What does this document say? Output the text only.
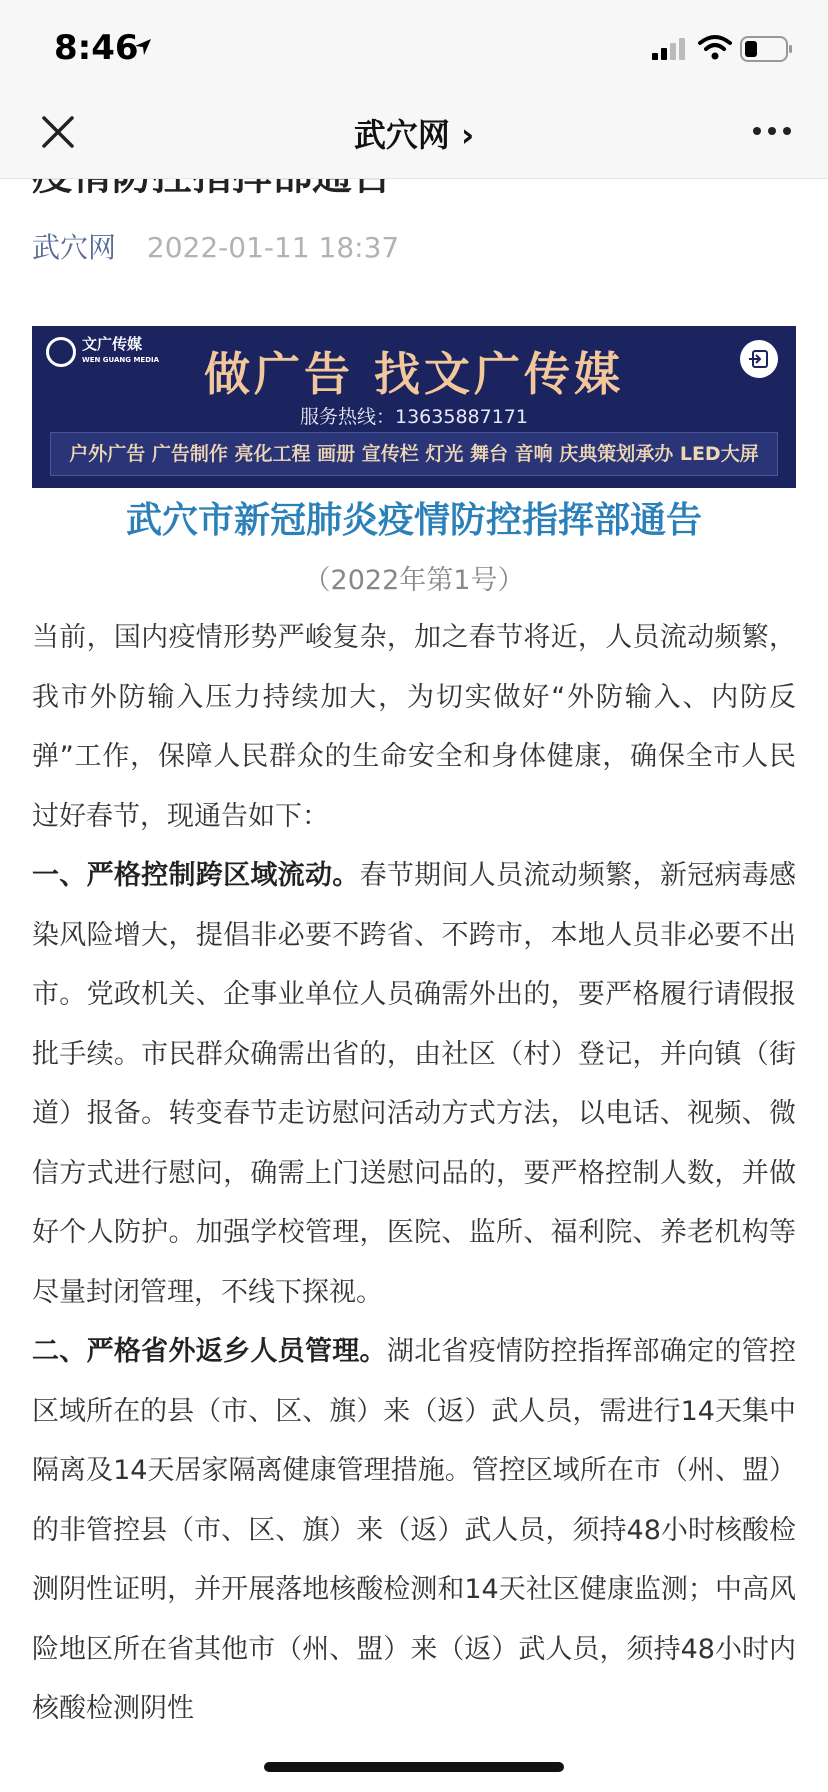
8:46
武穴网 2022-01-11 18:37
文广传媒
WEN GUANG MEDIA 做广告 找文广传媒
服务热线：13635887171
户外广告 广告制作 亮化工程 画册 宣传栏 灯光 舞台 音响 庆典策划承办 LED大屏
武穴市新冠肺炎疫情防控指挥部通告
（2022年第1号）

当前，国内疫情形势严峻复杂，加之春节将近，人员流动频繁，我市外防输入压力持续加大，为切实做好“外防输入、内防反弹”工作，保障人民群众的生命安全和身体健康，确保全市人民过好春节，现通告如下：

一、严格控制跨区域流动。春节期间人员流动频繁，新冠病毒感染风险增大，提倡非必要不跨省、不跨市，本地人员非必要不出市。党政机关、企事业单位人员确需外出的，要严格履行请假报批手续。市民群众确需出省的，由社区（村）登记，并向镇（街道）报备。转变春节走访慰问活动方式方法，以电话、视频、微信方式进行慰问，确需上门送慰问品的，要严格控制人数，并做好个人防护。加强学校管理，医院、监所、福利院、养老机构等尽量封闭管理，不线下探视。

二、严格省外返乡人员管理。湖北省疫情防控指挥部确定的管控区域所在的县（市、区、旗）来（返）武人员，需进行14天集中隔离及14天居家隔离健康管理措施。管控区域所在市（州、盟）的非管控县（市、区、旗）来（返）武人员，须持48小时核酸检测阴性证明，并开展落地核酸检测和14天社区健康监测；中高风险地区所在省其他市（州、盟）来（返）武人员，须持48小时内核酸检测阴性

武穴网 ›
